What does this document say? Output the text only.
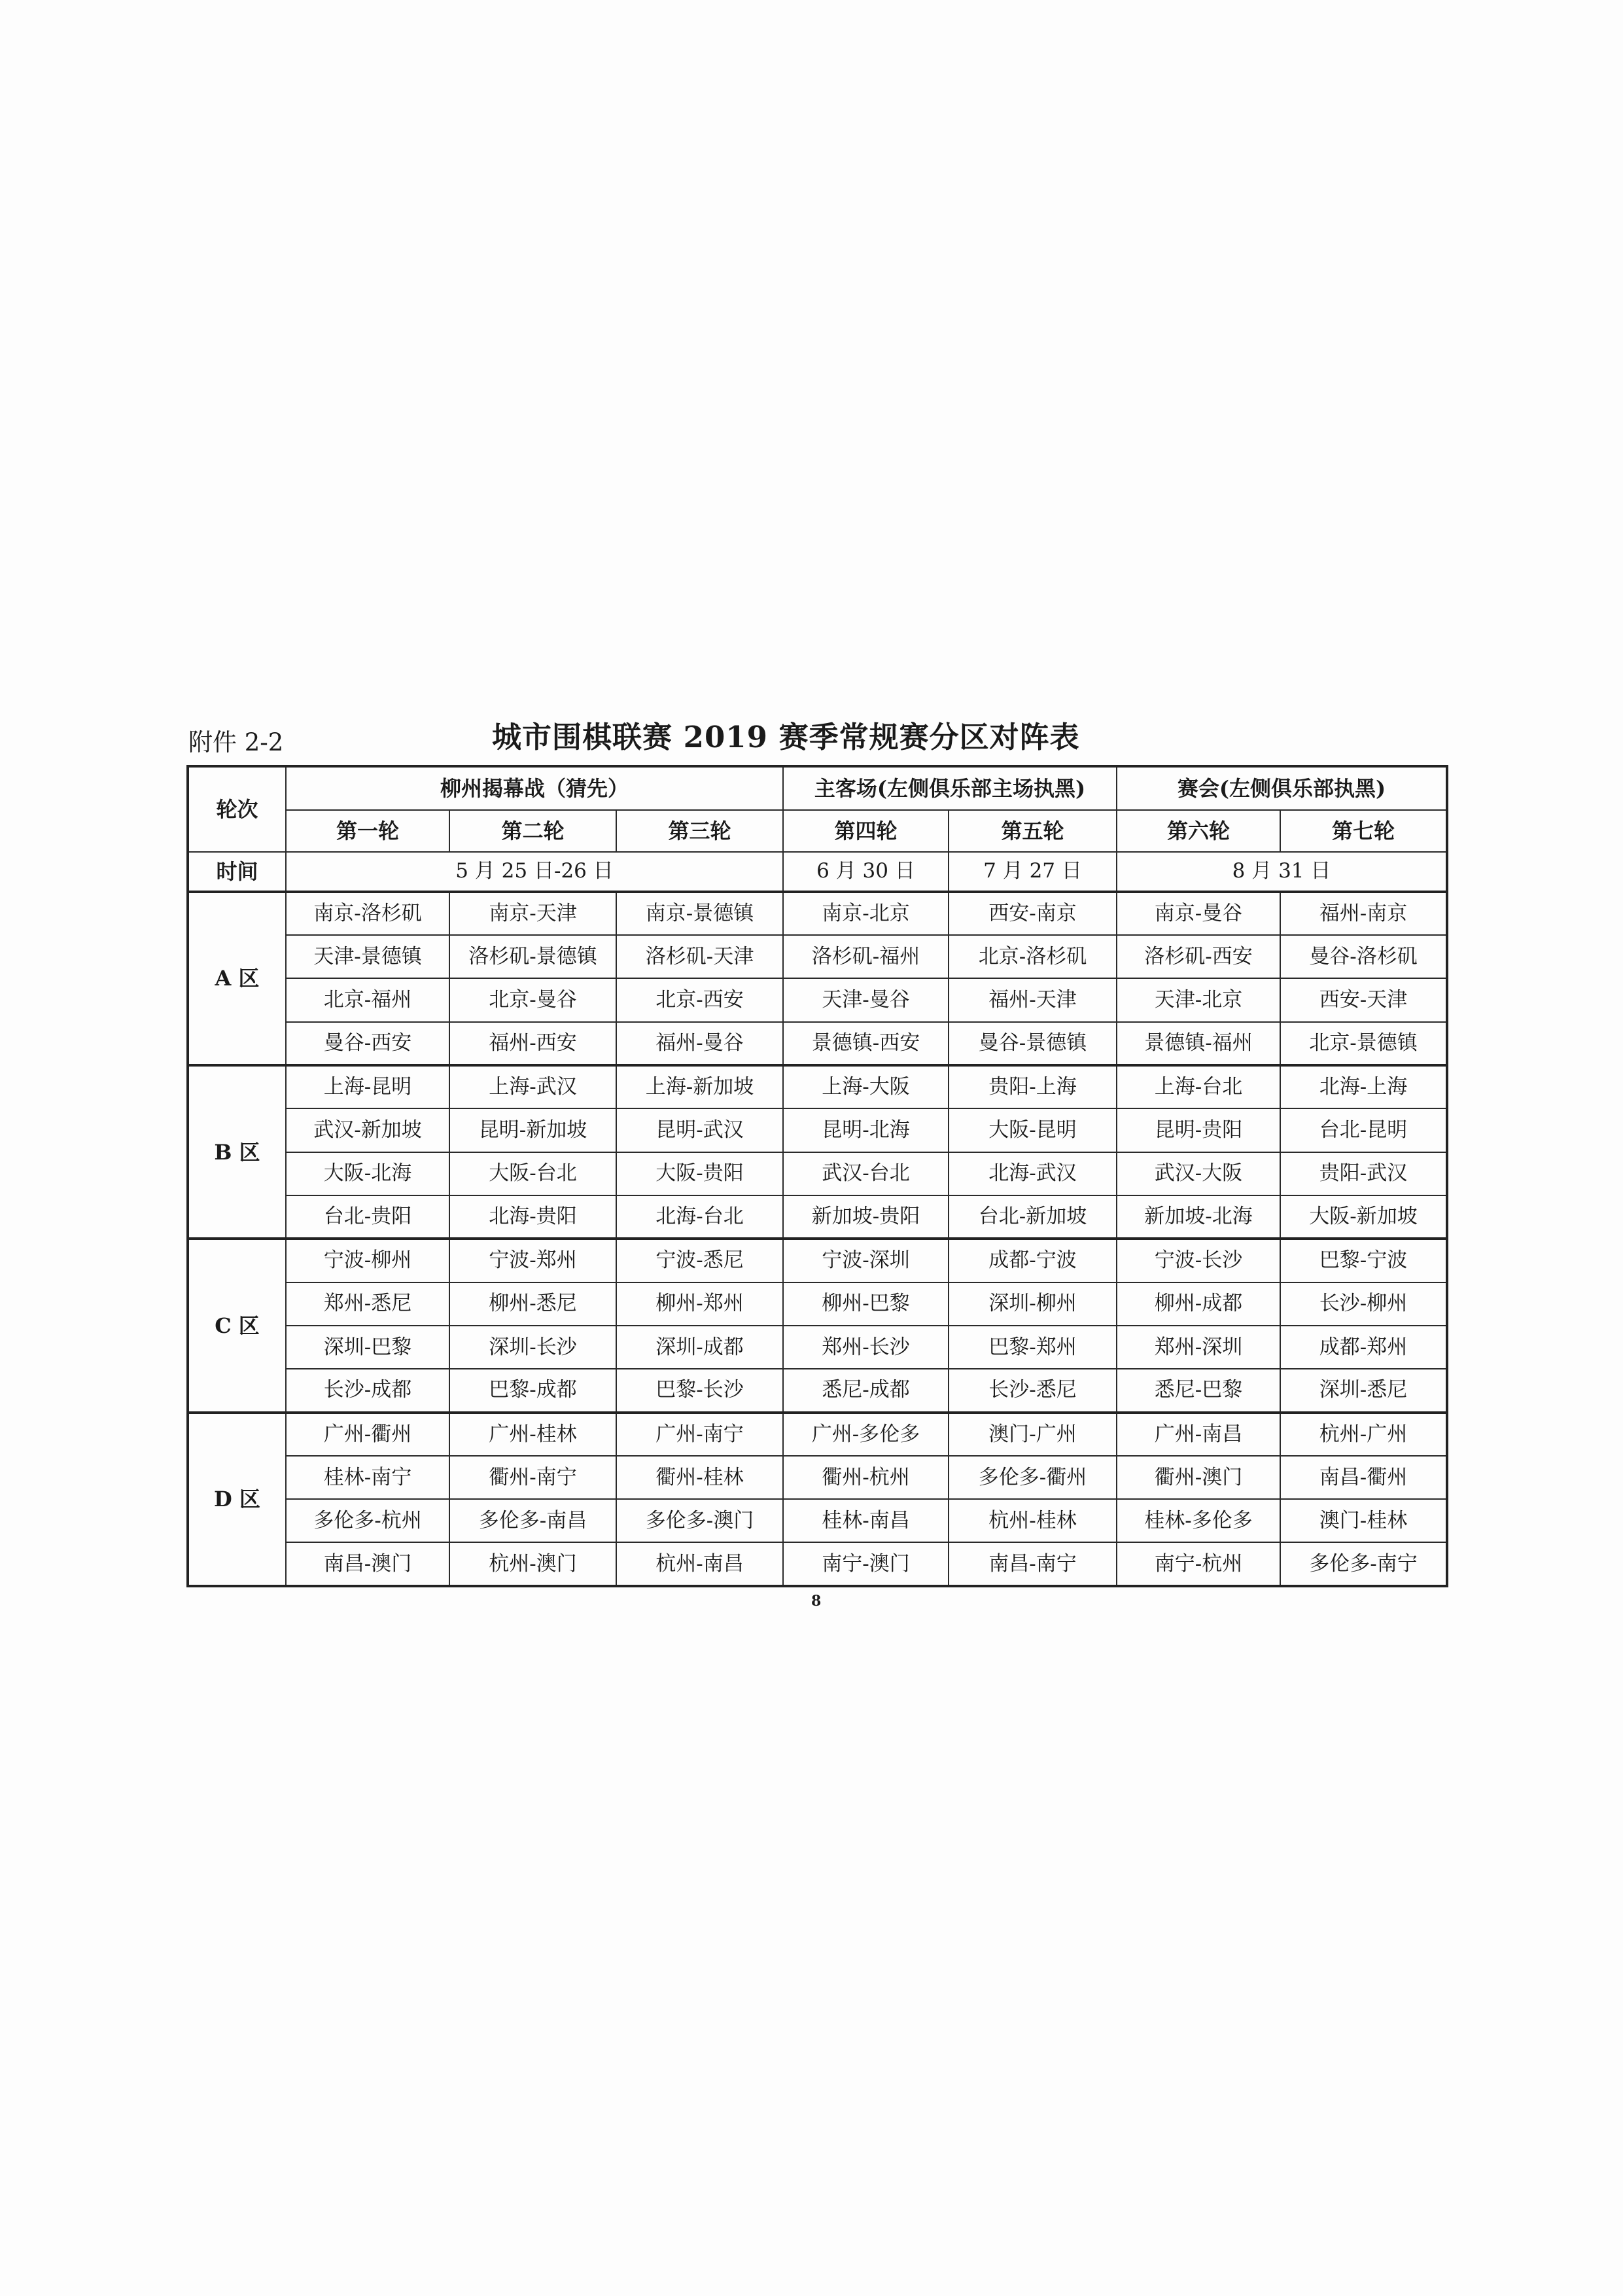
附件 2-2	城市围棋联赛 2019 赛季常规赛分区对阵表
轮次	柳州揭幕战（猜先）			主客场(左侧俱乐部主场执黑)		赛会(左侧俱乐部执黑)	
	第一轮	第二轮	第三轮	第四轮	第五轮	第六轮	第七轮
时间	5 月 25 日-26 日			6 月 30 日	7 月 27 日	8 月 31 日	
A 区	南京-洛杉矶	南京-天津	南京-景德镇	南京-北京	西安-南京	南京-曼谷	福州-南京
	天津-景德镇	洛杉矶-景德镇	洛杉矶-天津	洛杉矶-福州	北京-洛杉矶	洛杉矶-西安	曼谷-洛杉矶
	北京-福州	北京-曼谷	北京-西安	天津-曼谷	福州-天津	天津-北京	西安-天津
	曼谷-西安	福州-西安	福州-曼谷	景德镇-西安	曼谷-景德镇	景德镇-福州	北京-景德镇
B 区	上海-昆明	上海-武汉	上海-新加坡	上海-大阪	贵阳-上海	上海-台北	北海-上海
	武汉-新加坡	昆明-新加坡	昆明-武汉	昆明-北海	大阪-昆明	昆明-贵阳	台北-昆明
	大阪-北海	大阪-台北	大阪-贵阳	武汉-台北	北海-武汉	武汉-大阪	贵阳-武汉
	台北-贵阳	北海-贵阳	北海-台北	新加坡-贵阳	台北-新加坡	新加坡-北海	大阪-新加坡
C 区	宁波-柳州	宁波-郑州	宁波-悉尼	宁波-深圳	成都-宁波	宁波-长沙	巴黎-宁波
	郑州-悉尼	柳州-悉尼	柳州-郑州	柳州-巴黎	深圳-柳州	柳州-成都	长沙-柳州
	深圳-巴黎	深圳-长沙	深圳-成都	郑州-长沙	巴黎-郑州	郑州-深圳	成都-郑州
	长沙-成都	巴黎-成都	巴黎-长沙	悉尼-成都	长沙-悉尼	悉尼-巴黎	深圳-悉尼
D 区	广州-衢州	广州-桂林	广州-南宁	广州-多伦多	澳门-广州	广州-南昌	杭州-广州
	桂林-南宁	衢州-南宁	衢州-桂林	衢州-杭州	多伦多-衢州	衢州-澳门	南昌-衢州
	多伦多-杭州	多伦多-南昌	多伦多-澳门	桂林-南昌	杭州-桂林	桂林-多伦多	澳门-桂林
	南昌-澳门	杭州-澳门	杭州-南昌	南宁-澳门	南昌-南宁	南宁-杭州	多伦多-南宁
8
